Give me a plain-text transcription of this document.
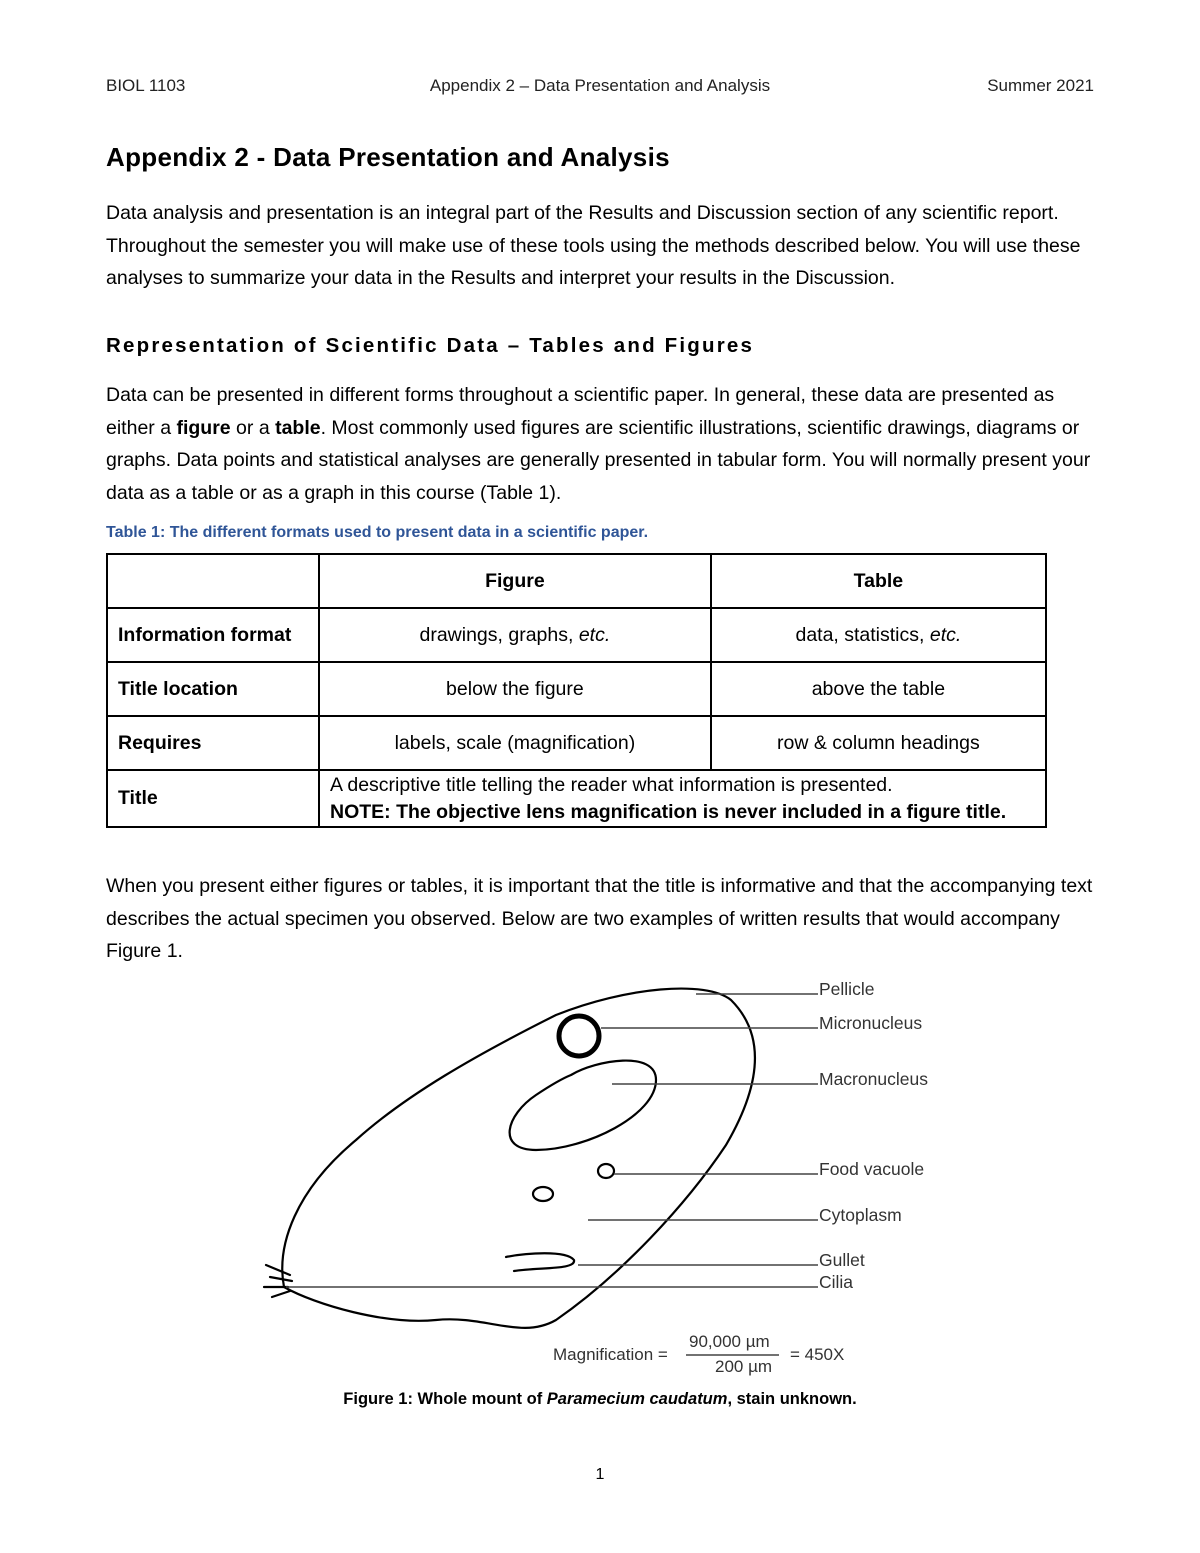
BIOL 1103	Appendix 2 – Data Presentation and Analysis	Summer 2021
Appendix 2 - Data Presentation and Analysis

Data analysis and presentation is an integral part of the Results and Discussion section of any scientific report. Throughout the semester you will make use of these tools using the methods described below. You will use these analyses to summarize your data in the Results and interpret your results in the Discussion.

Representation of Scientific Data – Tables and Figures

Data can be presented in different forms throughout a scientific paper. In general, these data are presented as either a figure or a table. Most commonly used figures are scientific illustrations, scientific drawings, diagrams or graphs. Data points and statistical analyses are generally presented in tabular form. You will normally present your data as a table or as a graph in this course (Table 1).

Table 1: The different formats used to present data in a scientific paper.
	Figure	Table
Information format	drawings, graphs, etc.	data, statistics, etc.
Title location	below the figure	above the table
Requires	labels, scale (magnification)	row & column headings
Title	A descriptive title telling the reader what information is presented.
NOTE: The objective lens magnification is never included in a figure title.	

When you present either figures or tables, it is important that the title is informative and that the accompanying text describes the actual specimen you observed. Below are two examples of written results that would accompany Figure 1.

Pellicle
Micronucleus
Macronucleus
Food vacuole
Cytoplasm
Gullet
Cilia
Magnification =
90,000 µm
200 µm
= 450X
Figure 1: Whole mount of Paramecium caudatum, stain unknown.
1
